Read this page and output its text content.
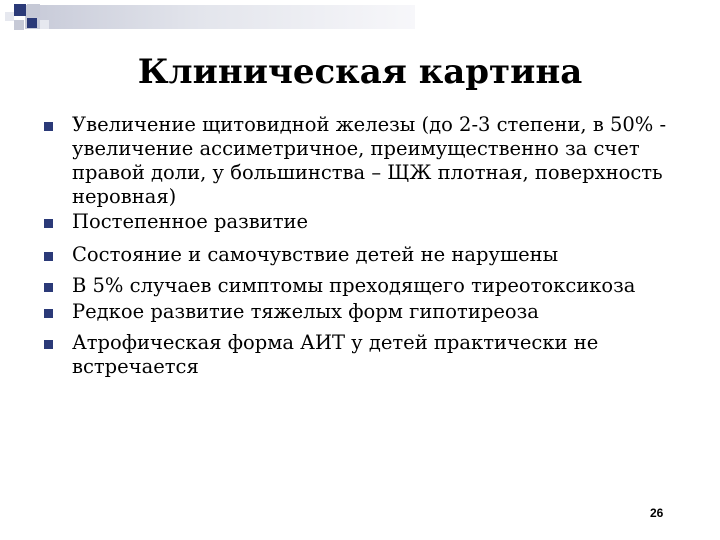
Клиническая картина
Увеличение щитовидной железы (до 2-3 степени, в 50% - увеличение ассиметричное, преимущественно за счет правой доли, у большинства – ЩЖ плотная, поверхность неровная)
Постепенное развитие
Состояние и самочувствие детей не нарушены
В 5% случаев симптомы преходящего тиреотоксикоза
Редкое развитие тяжелых форм гипотиреоза
Атрофическая форма АИТ у детей практически не встречается
26
